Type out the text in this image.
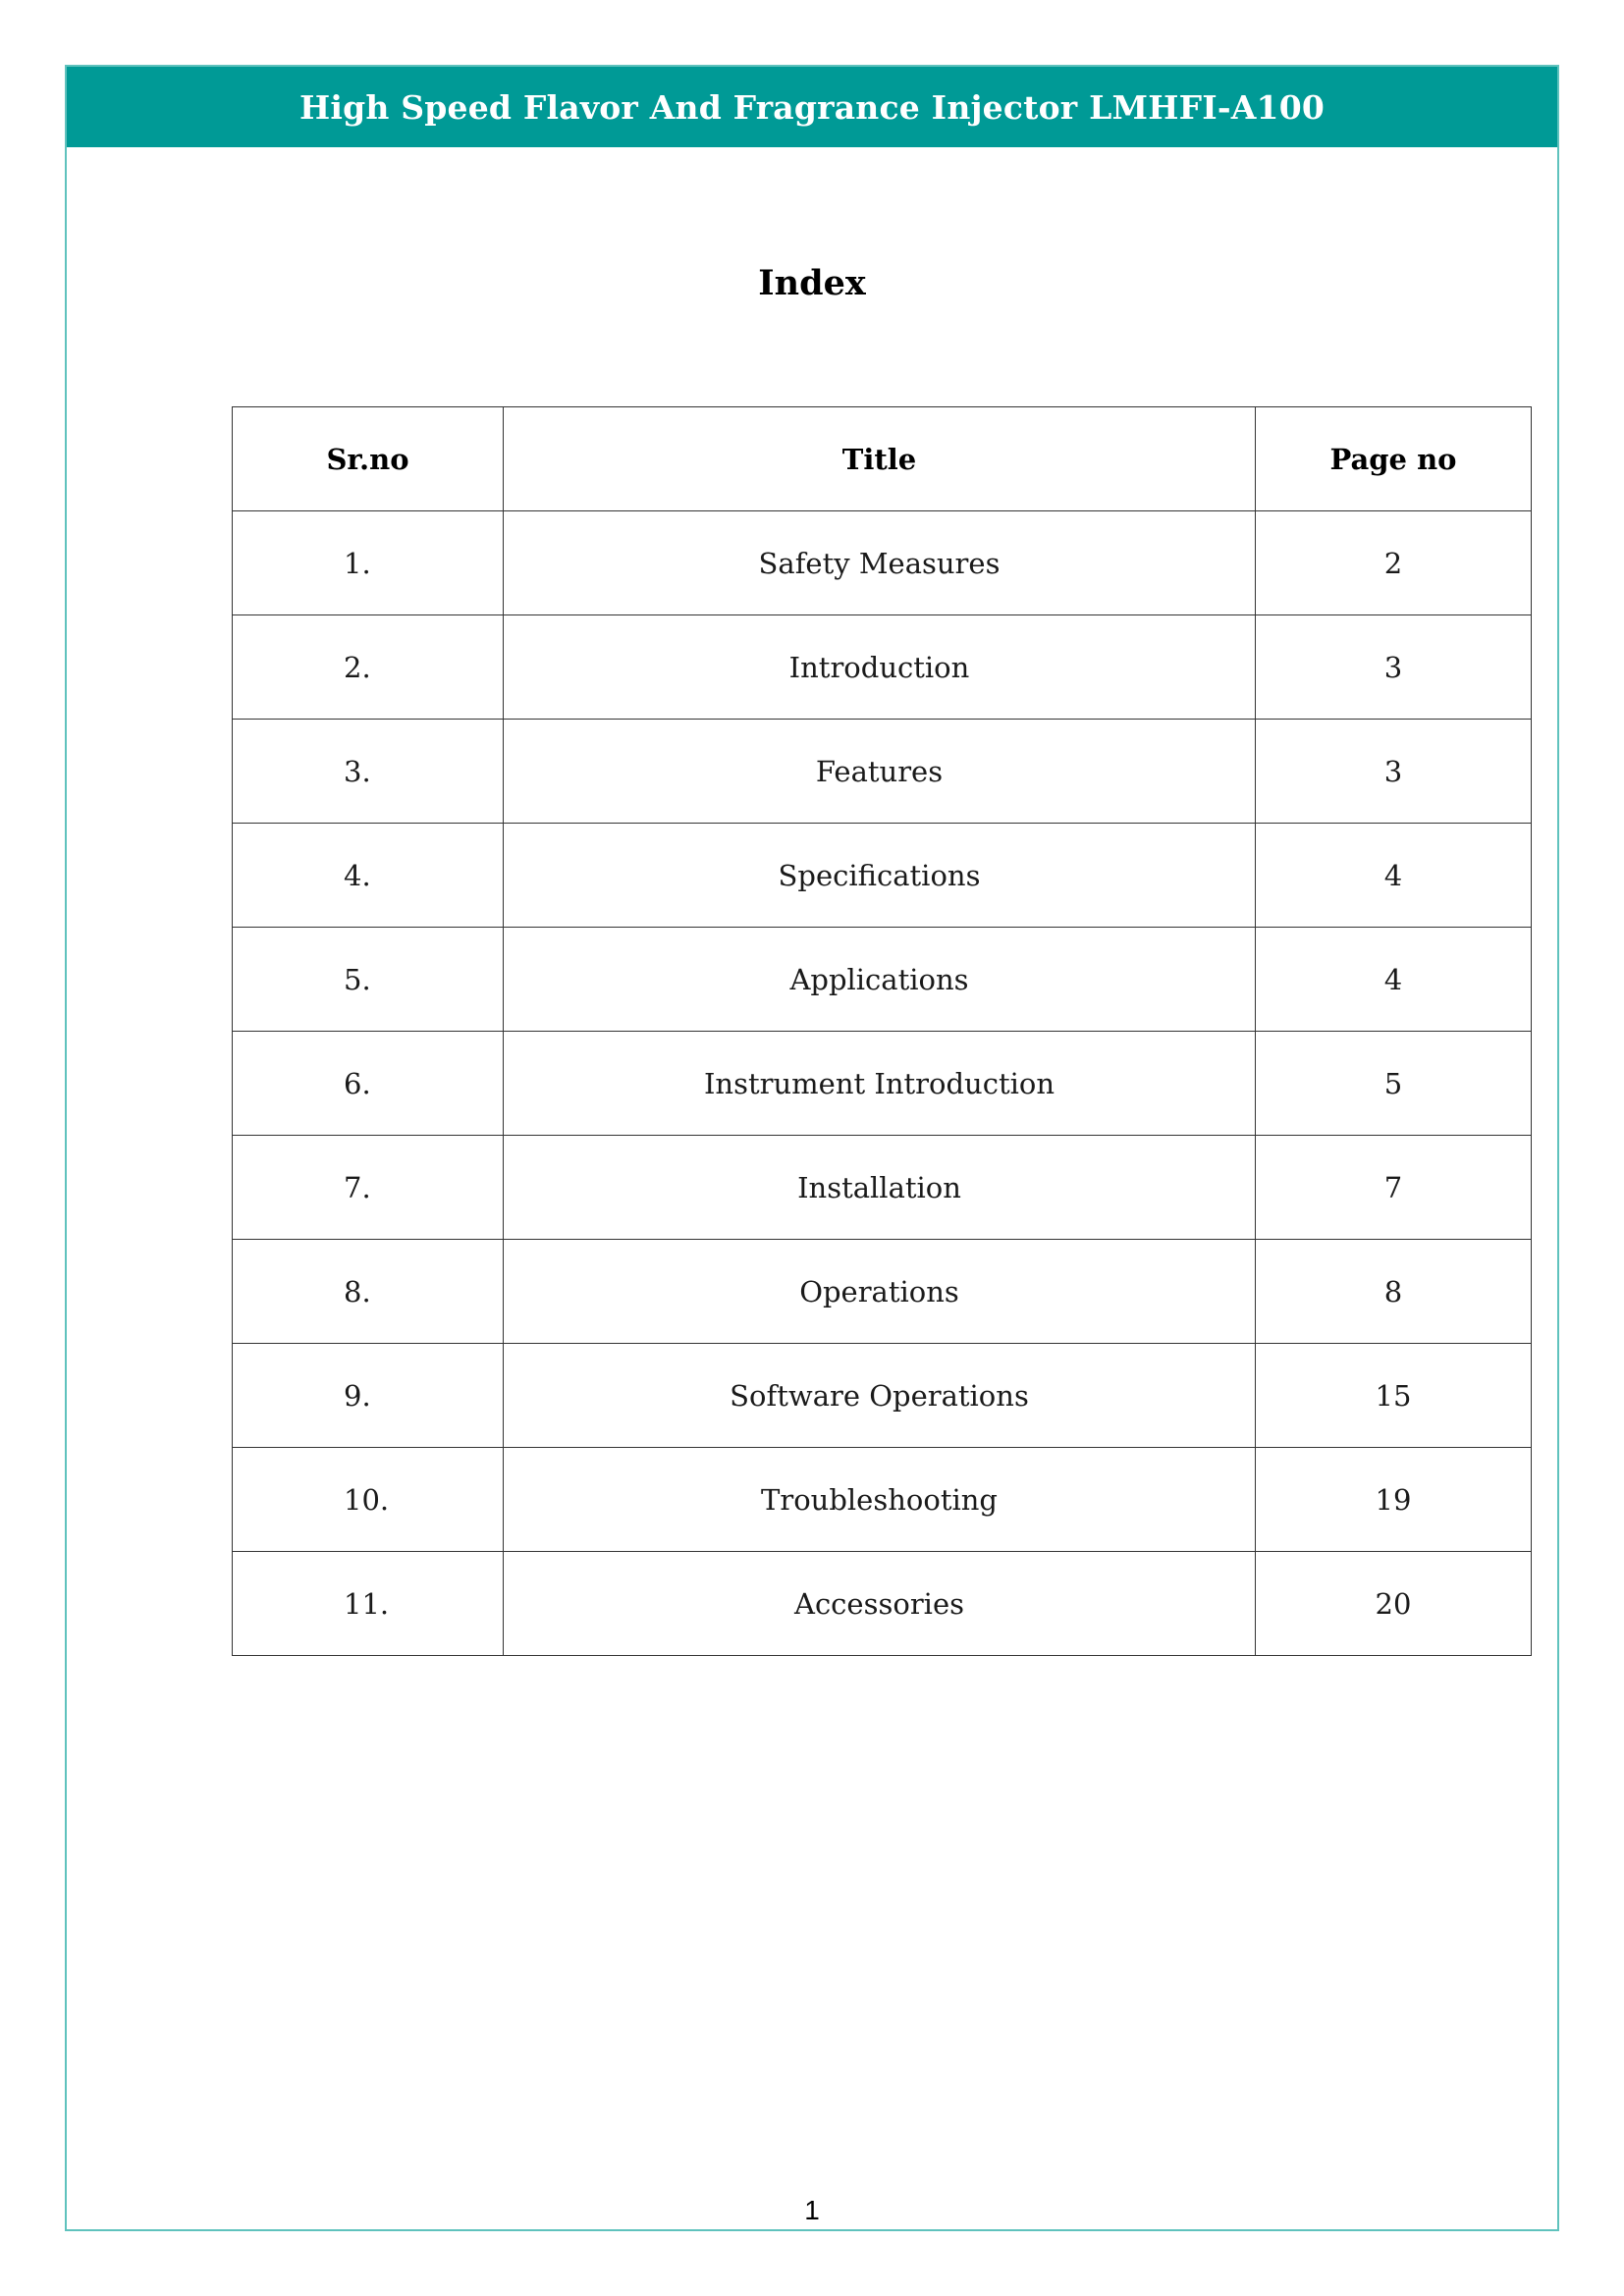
High Speed Flavor And Fragrance Injector LMHFI-A100
Index
Sr.no	Title	Page no
1.	Safety Measures	2
2.	Introduction	3
3.	Features	3
4.	Specifications	4
5.	Applications	4
6.	Instrument Introduction	5
7.	Installation	7
8.	Operations	8
9.	Software Operations	15
10.	Troubleshooting	19
11.	Accessories	20
1
